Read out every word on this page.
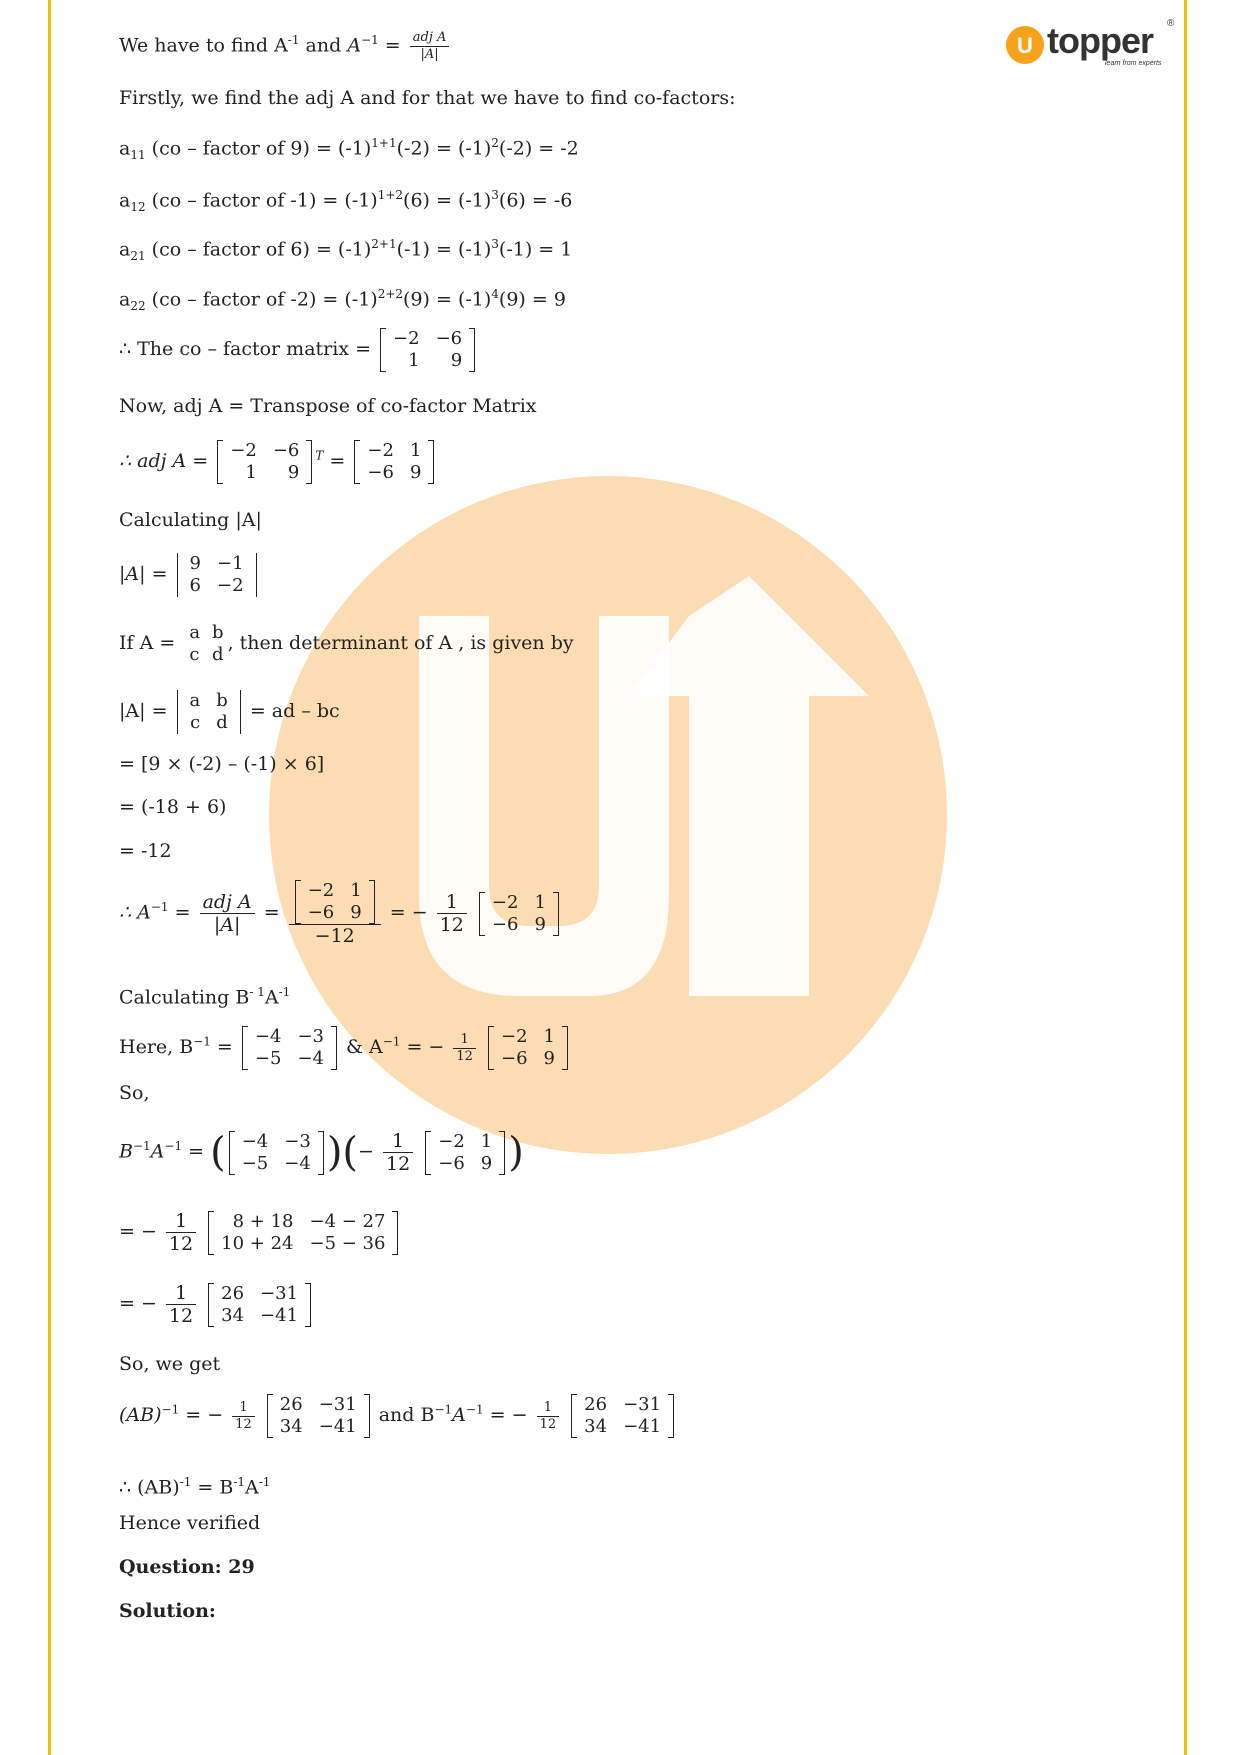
U topper ®
learn from experts
We have to find $A^{-1}$ and $A^{-1} = \frac{\text{adj A}}{|A|}$
Firstly, we find the adj A and for that we have to find co-factors:
$a_{11}$ (co – factor of $9) = (-1)^{1+1}(-2) = (-1)^2(-2) = -2$
$a_{12}$ (co – factor of $-1) = (-1)^{1+2}(6) = (-1)^3(6) = -6$
$a_{21}$ (co – factor of $6) = (-1)^{2+1}(-1) = (-1)^3(-1) = 1$
$a_{22}$ (co – factor of $-2) = (-1)^{2+2}(9) = (-1)^4(9) = 9$
∴ The co – factor matrix = −2	−6
1	9
Now, adj A = Transpose of co-factor Matrix
∴ adj A = −2	−6
1	9
$^T$ = −2	1
−6	9
Calculating |A|
|A| = 9	−1
6	−2
If A = a	b
c	d
, then determinant of A , is given by
|A| = a	b
c	d
= ad – bc
= [9 × (-2) – (-1) × 6]
= (-18 + 6)
= -12
∴ $A^{-1} = \frac{\text{adj A}}{|A|} = -2$	1
−6	9
−12 = − $\frac{1}{12}$
−2	1
−6	9
Calculating $B^{- 1}A^{-1}$
Here, $B^{-1} = -4$	−3
−5	−4
& $A^{-1}$ = − $\frac{1}{12}$
−2	1
−6	9
So,
$B^{-1}A^{-1}$ = ( −4	−3
−5	−4 )(− $\frac{1}{12}$
−2	1
−6	9 )
= − $\frac{1}{12}$
8 + 18	−4 − 27
10 + 24	−5 − 36
= − $\frac{1}{12}$
26	−31
34	−41
So, we get
(AB)$^{-1}$ = − $\frac{1}{12}$
26	−31
34	−41
and $B^{-1}A^{-1}$ = − $\frac{1}{12}$
26	−31
34	−41
∴ $(AB)^{-1} = B^{-1}A^{-1}$
Hence verified
Question: 29
Solution:
